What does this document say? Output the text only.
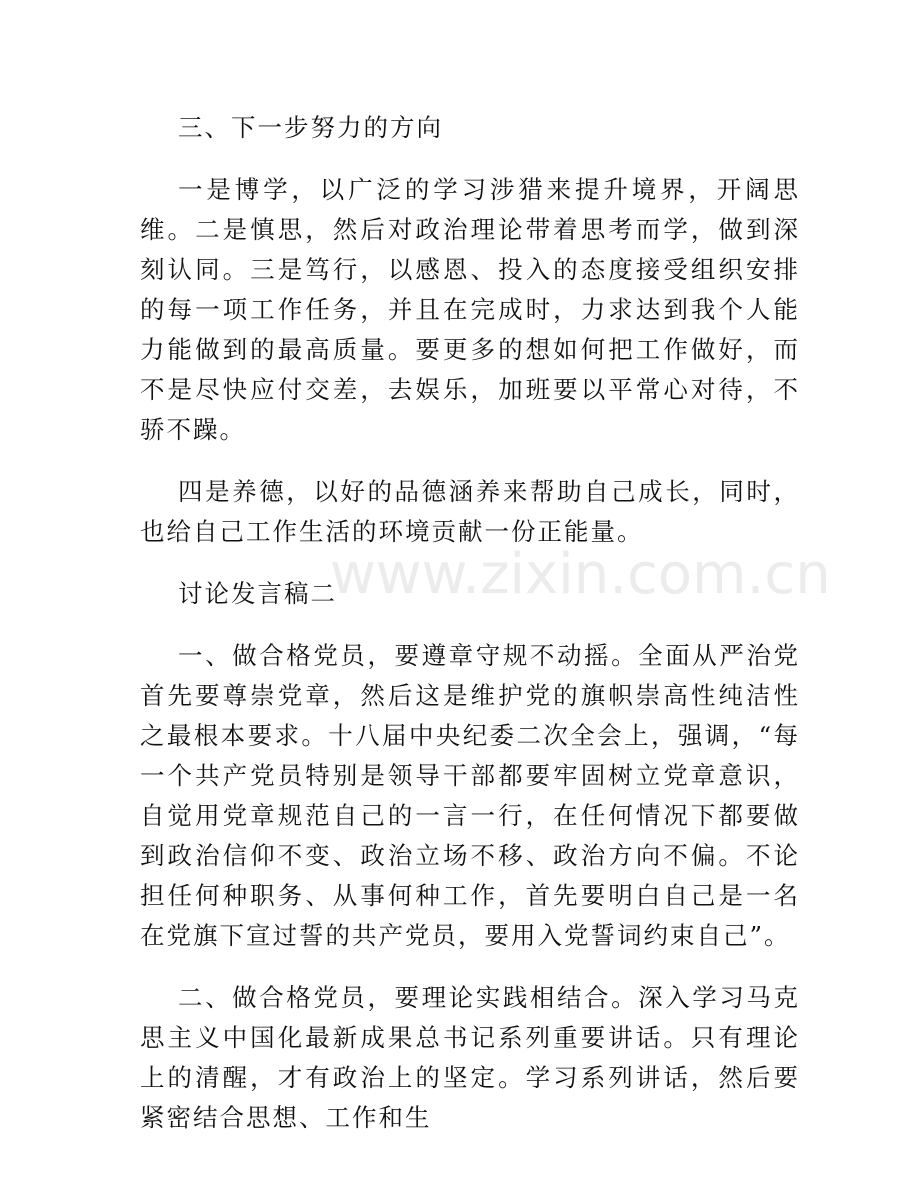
三、下一步努力的方向

一是博学，以广泛的学习涉猎来提升境界，开阔思维。二是慎思，然后对政治理论带着思考而学，做到深刻认同。三是笃行，以感恩、投入的态度接受组织安排的每一项工作任务，并且在完成时，力求达到我个人能力能做到的最高质量。要更多的想如何把工作做好，而不是尽快应付交差，去娱乐，加班要以平常心对待，不骄不躁。

四是养德，以好的品德涵养来帮助自己成长，同时，也给自己工作生活的环境贡献一份正能量。

讨论发言稿二

一、做合格党员，要遵章守规不动摇。全面从严治党首先要尊崇党章，然后这是维护党的旗帜崇高性纯洁性之最根本要求。十八届中央纪委二次全会上，强调，“每一个共产党员特别是领导干部都要牢固树立党章意识，自觉用党章规范自己的一言一行，在任何情况下都要做到政治信仰不变、政治立场不移、政治方向不偏。不论担任何种职务、从事何种工作，首先要明白自己是一名在党旗下宣过誓的共产党员，要用入党誓词约束自己”。

二、做合格党员，要理论实践相结合。深入学习马克思主义中国化最新成果总书记系列重要讲话。只有理论上的清醒，才有政治上的坚定。学习系列讲话，然后要紧密结合思想、工作和生

www.zixin.com.cn
